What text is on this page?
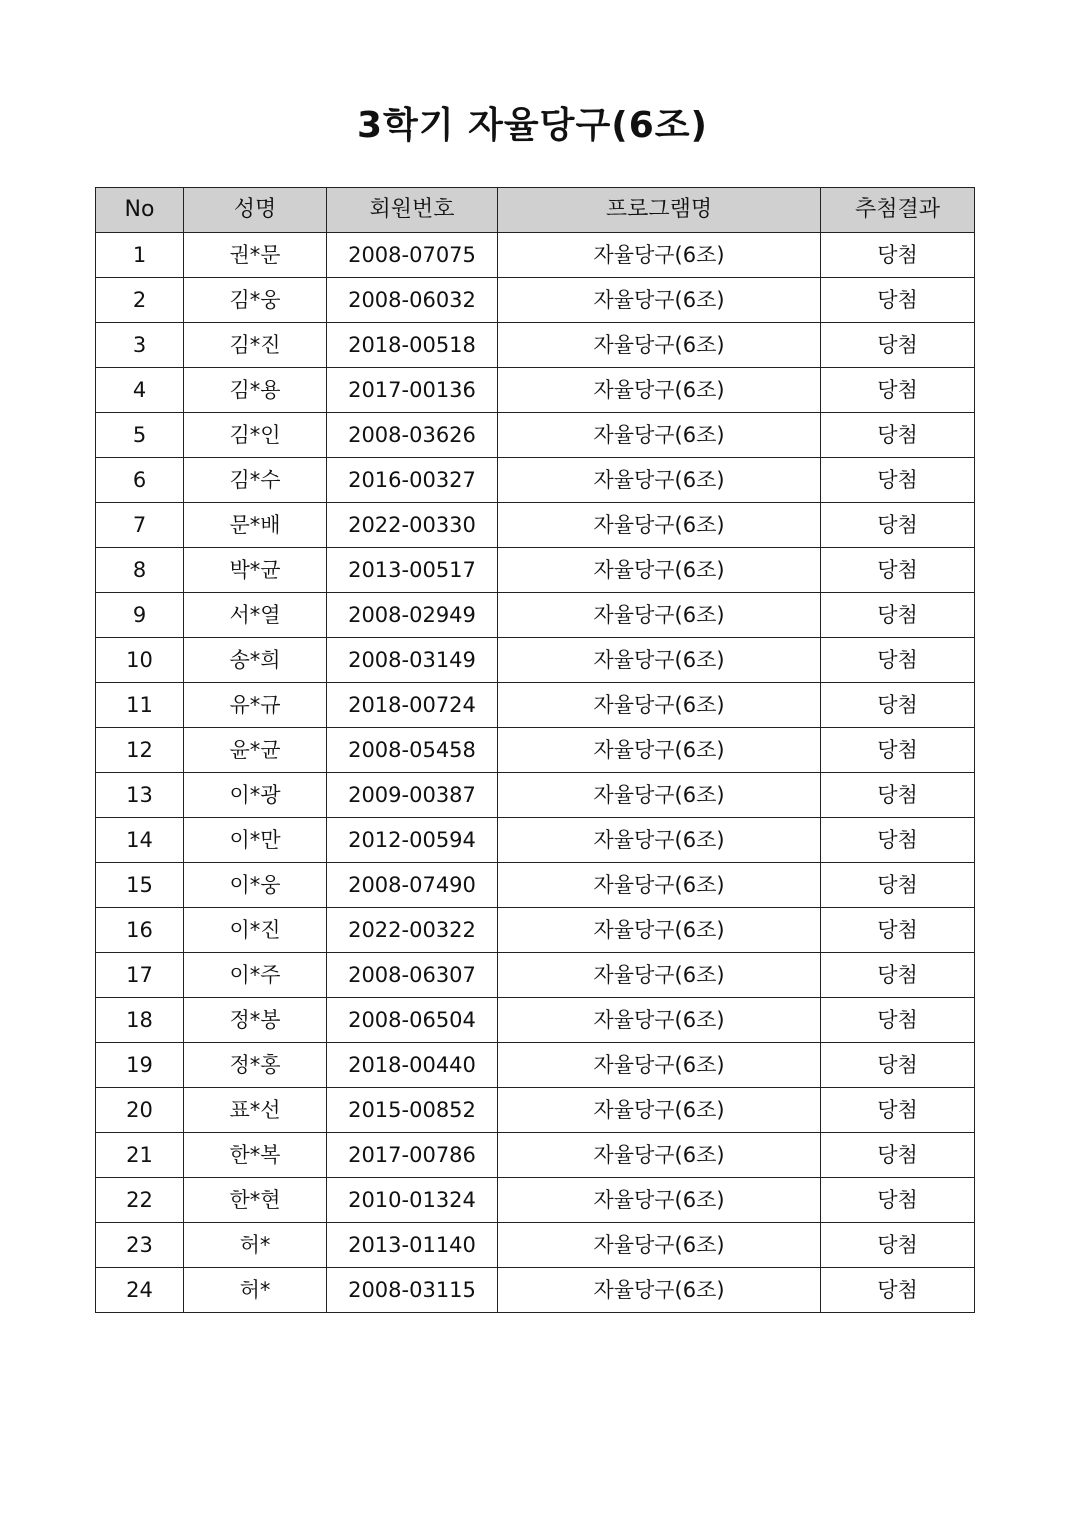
3학기 자율당구(6조)
No	성명	회원번호	프로그램명	추첨결과
1	권*문	2008-07075	자율당구(6조)	당첨
2	김*웅	2008-06032	자율당구(6조)	당첨
3	김*진	2018-00518	자율당구(6조)	당첨
4	김*용	2017-00136	자율당구(6조)	당첨
5	김*인	2008-03626	자율당구(6조)	당첨
6	김*수	2016-00327	자율당구(6조)	당첨
7	문*배	2022-00330	자율당구(6조)	당첨
8	박*균	2013-00517	자율당구(6조)	당첨
9	서*열	2008-02949	자율당구(6조)	당첨
10	송*희	2008-03149	자율당구(6조)	당첨
11	유*규	2018-00724	자율당구(6조)	당첨
12	윤*균	2008-05458	자율당구(6조)	당첨
13	이*광	2009-00387	자율당구(6조)	당첨
14	이*만	2012-00594	자율당구(6조)	당첨
15	이*웅	2008-07490	자율당구(6조)	당첨
16	이*진	2022-00322	자율당구(6조)	당첨
17	이*주	2008-06307	자율당구(6조)	당첨
18	정*봉	2008-06504	자율당구(6조)	당첨
19	정*홍	2018-00440	자율당구(6조)	당첨
20	표*선	2015-00852	자율당구(6조)	당첨
21	한*복	2017-00786	자율당구(6조)	당첨
22	한*현	2010-01324	자율당구(6조)	당첨
23	허*	2013-01140	자율당구(6조)	당첨
24	허*	2008-03115	자율당구(6조)	당첨
